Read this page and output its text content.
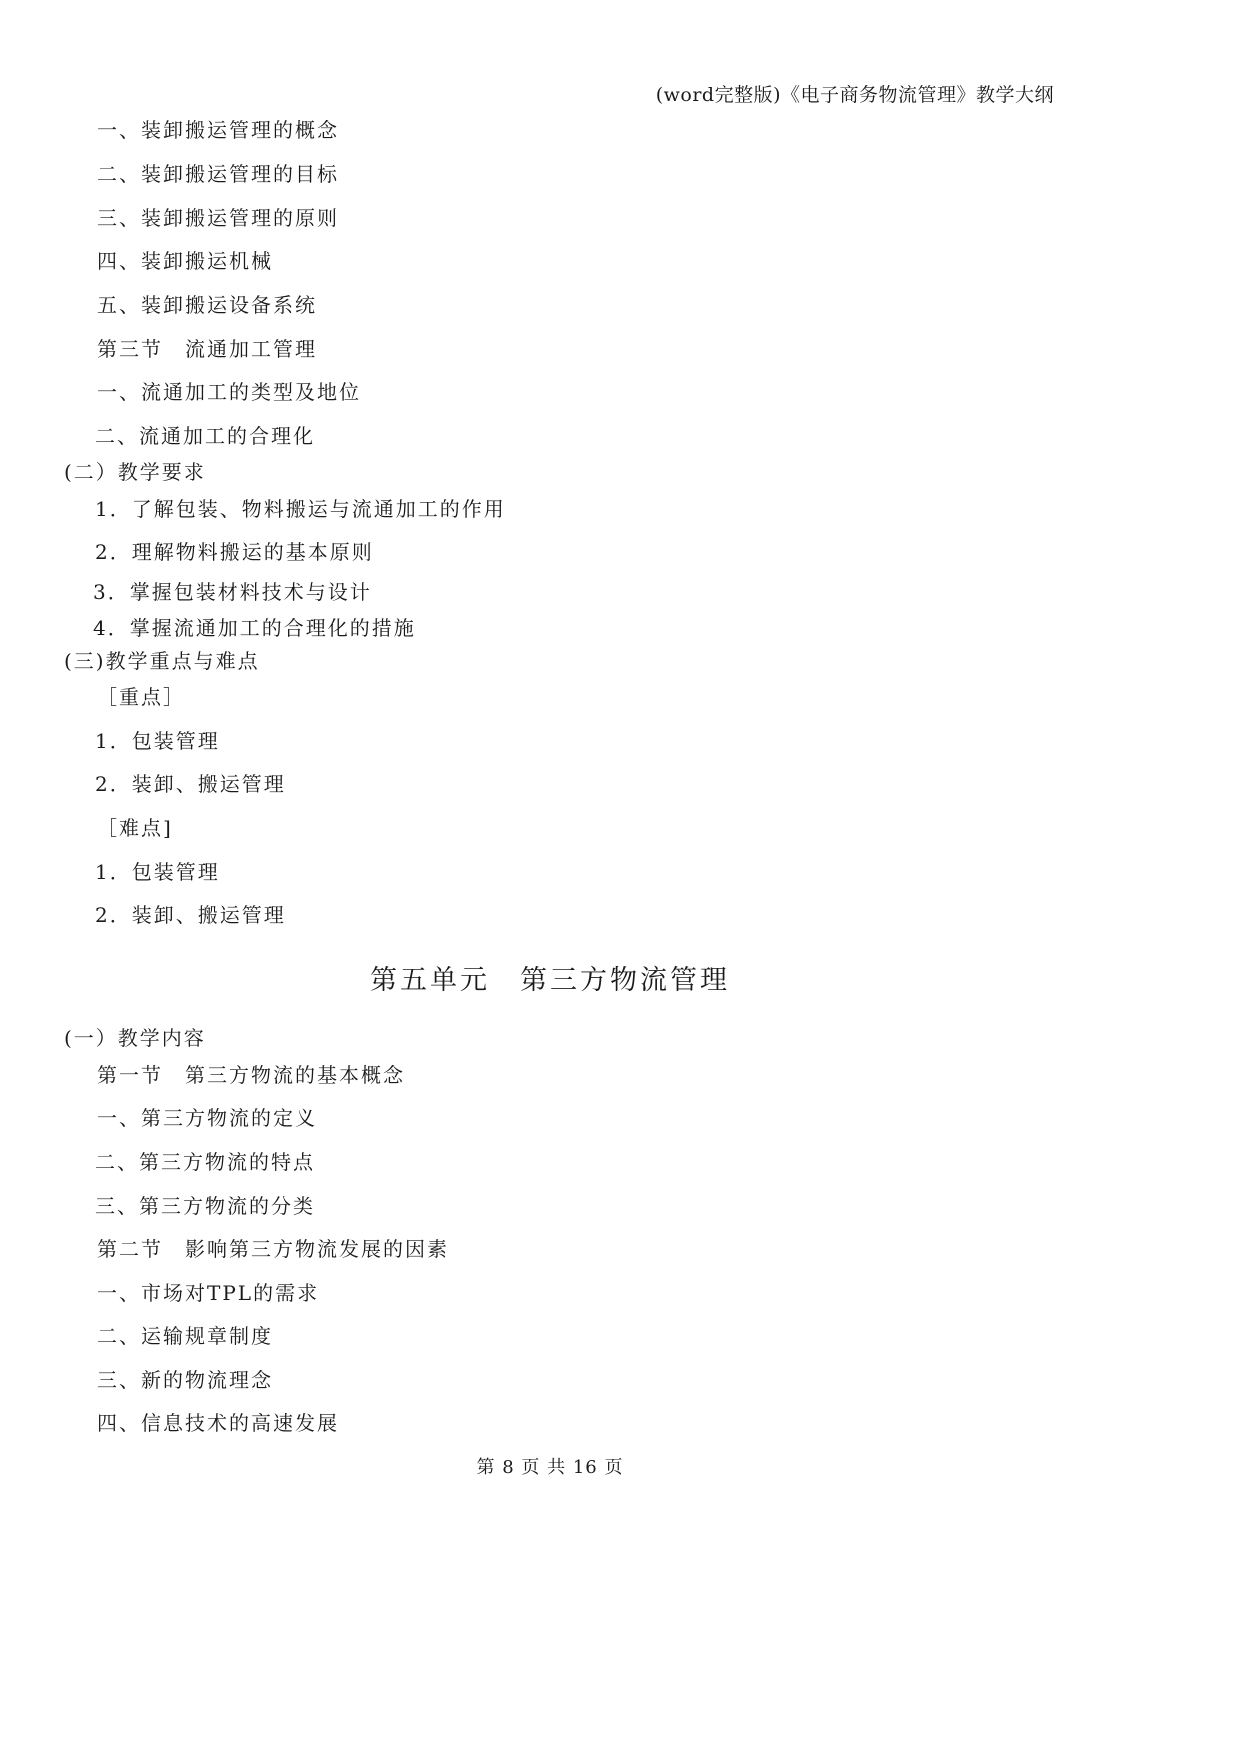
(word完整版)《电子商务物流管理》教学大纲
一、装卸搬运管理的概念
二、装卸搬运管理的目标
三、装卸搬运管理的原则
四、装卸搬运机械
五、装卸搬运设备系统
第三节　流通加工管理
一、流通加工的类型及地位
二、流通加工的合理化
(二）教学要求
1．了解包装、物料搬运与流通加工的作用
2．理解物料搬运的基本原则
3．掌握包装材料技术与设计
4．掌握流通加工的合理化的措施
(三)教学重点与难点
［重点］
1．包装管理
2．装卸、搬运管理
［难点]
1．包装管理
2．装卸、搬运管理
第五单元　第三方物流管理
(一）教学内容
第一节　第三方物流的基本概念
一、第三方物流的定义
二、第三方物流的特点
三、第三方物流的分类
第二节　影响第三方物流发展的因素
一、市场对TPL的需求
二、运输规章制度
三、新的物流理念
四、信息技术的高速发展
第 8 页 共 16 页
